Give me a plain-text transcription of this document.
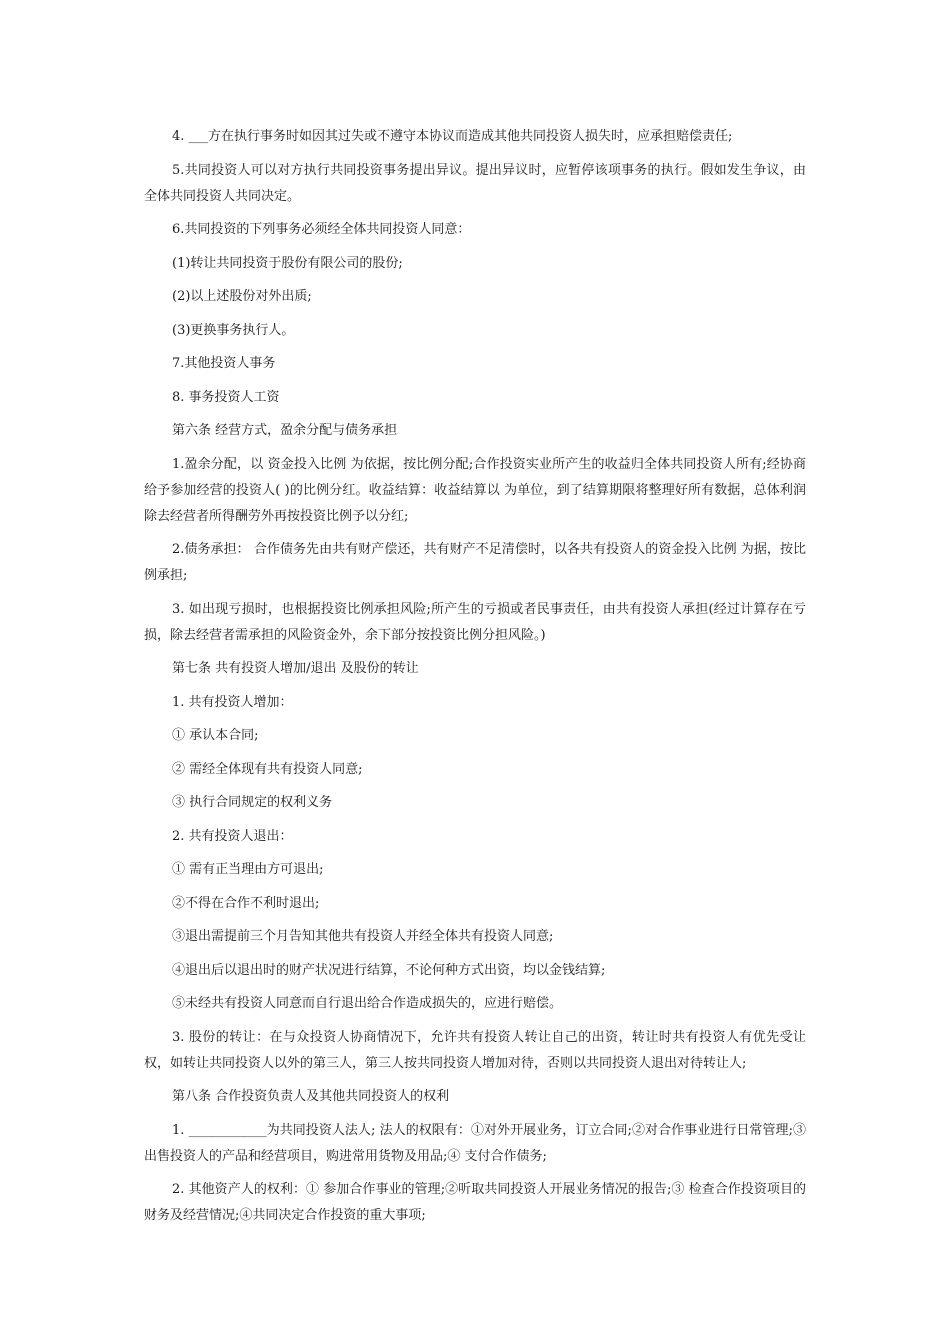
4. ___方在执行事务时如因其过失或不遵守本协议而造成其他共同投资人损失时，应承担赔偿责任;

5.共同投资人可以对方执行共同投资事务提出异议。提出异议时，应暂停该项事务的执行。假如发生争议，由全体共同投资人共同决定。

6.共同投资的下列事务必须经全体共同投资人同意：

(1)转让共同投资于股份有限公司的股份;

(2)以上述股份对外出质;

(3)更换事务执行人。

7.其他投资人事务

8. 事务投资人工资

第六条 经营方式，盈余分配与债务承担

1.盈余分配，以 资金投入比例 为依据，按比例分配;合作投资实业所产生的收益归全体共同投资人所有;经协商给予参加经营的投资人( )的比例分红。收益结算：收益结算以 为单位，到了结算期限将整理好所有数据，总体利润除去经营者所得酬劳外再按投资比例予以分红;

2.债务承担： 合作债务先由共有财产偿还，共有财产不足清偿时，以各共有投资人的资金投入比例 为据，按比例承担;

3. 如出现亏损时，也根据投资比例承担风险;所产生的亏损或者民事责任，由共有投资人承担(经过计算存在亏损，除去经营者需承担的风险资金外，余下部分按投资比例分担风险。)

第七条 共有投资人增加/退出 及股份的转让

1. 共有投资人增加：

① 承认本合同;

② 需经全体现有共有投资人同意;

③ 执行合同规定的权利义务

2. 共有投资人退出：

① 需有正当理由方可退出;

②不得在合作不利时退出;

③退出需提前三个月告知其他共有投资人并经全体共有投资人同意;

④退出后以退出时的财产状况进行结算，不论何种方式出资，均以金钱结算;

⑤未经共有投资人同意而自行退出给合作造成损失的，应进行赔偿。

3. 股份的转让：在与众投资人协商情况下，允许共有投资人转让自己的出资，转让时共有投资人有优先受让权，如转让共同投资人以外的第三人，第三人按共同投资人增加对待，否则以共同投资人退出对待转让人;

第八条 合作投资负责人及其他共同投资人的权利

1. ____________为共同投资人法人; 法人的权限有：①对外开展业务，订立合同;②对合作事业进行日常管理;③出售投资人的产品和经营项目，购进常用货物及用品;④ 支付合作债务;

2. 其他资产人的权利：① 参加合作事业的管理;②听取共同投资人开展业务情况的报告;③ 检查合作投资项目的财务及经营情况;④共同决定合作投资的重大事项;
